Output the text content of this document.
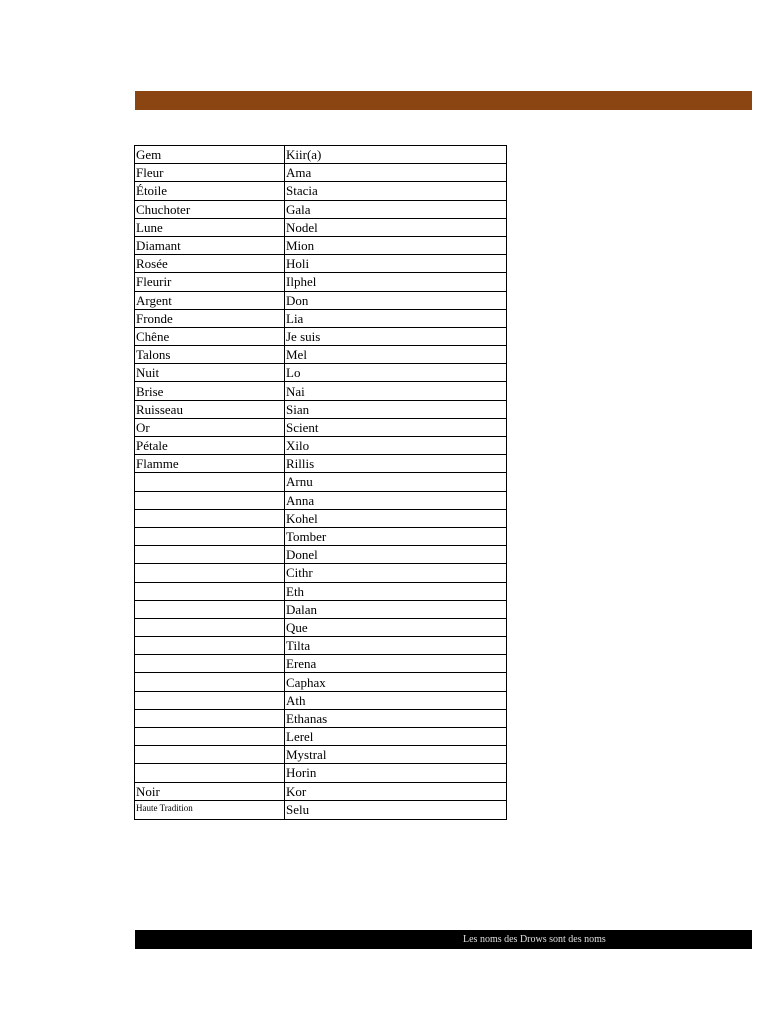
Gem	Kiir(a)
Fleur	Ama
Étoile	Stacia
Chuchoter	Gala
Lune	Nodel
Diamant	Mion
Rosée	Holi
Fleurir	Ilphel
Argent	Don
Fronde	Lia
Chêne	Je suis
Talons	Mel
Nuit	Lo
Brise	Nai
Ruisseau	Sian
Or	Scient
Pétale	Xilo
Flamme	Rillis
	Arnu
	Anna
	Kohel
	Tomber
	Donel
	Cithr
	Eth
	Dalan
	Que
	Tilta
	Erena
	Caphax
	Ath
	Ethanas
	Lerel
	Mystral
	Horin
Noir	Kor
Haute Tradition	Selu
Les noms des Drows sont des noms
